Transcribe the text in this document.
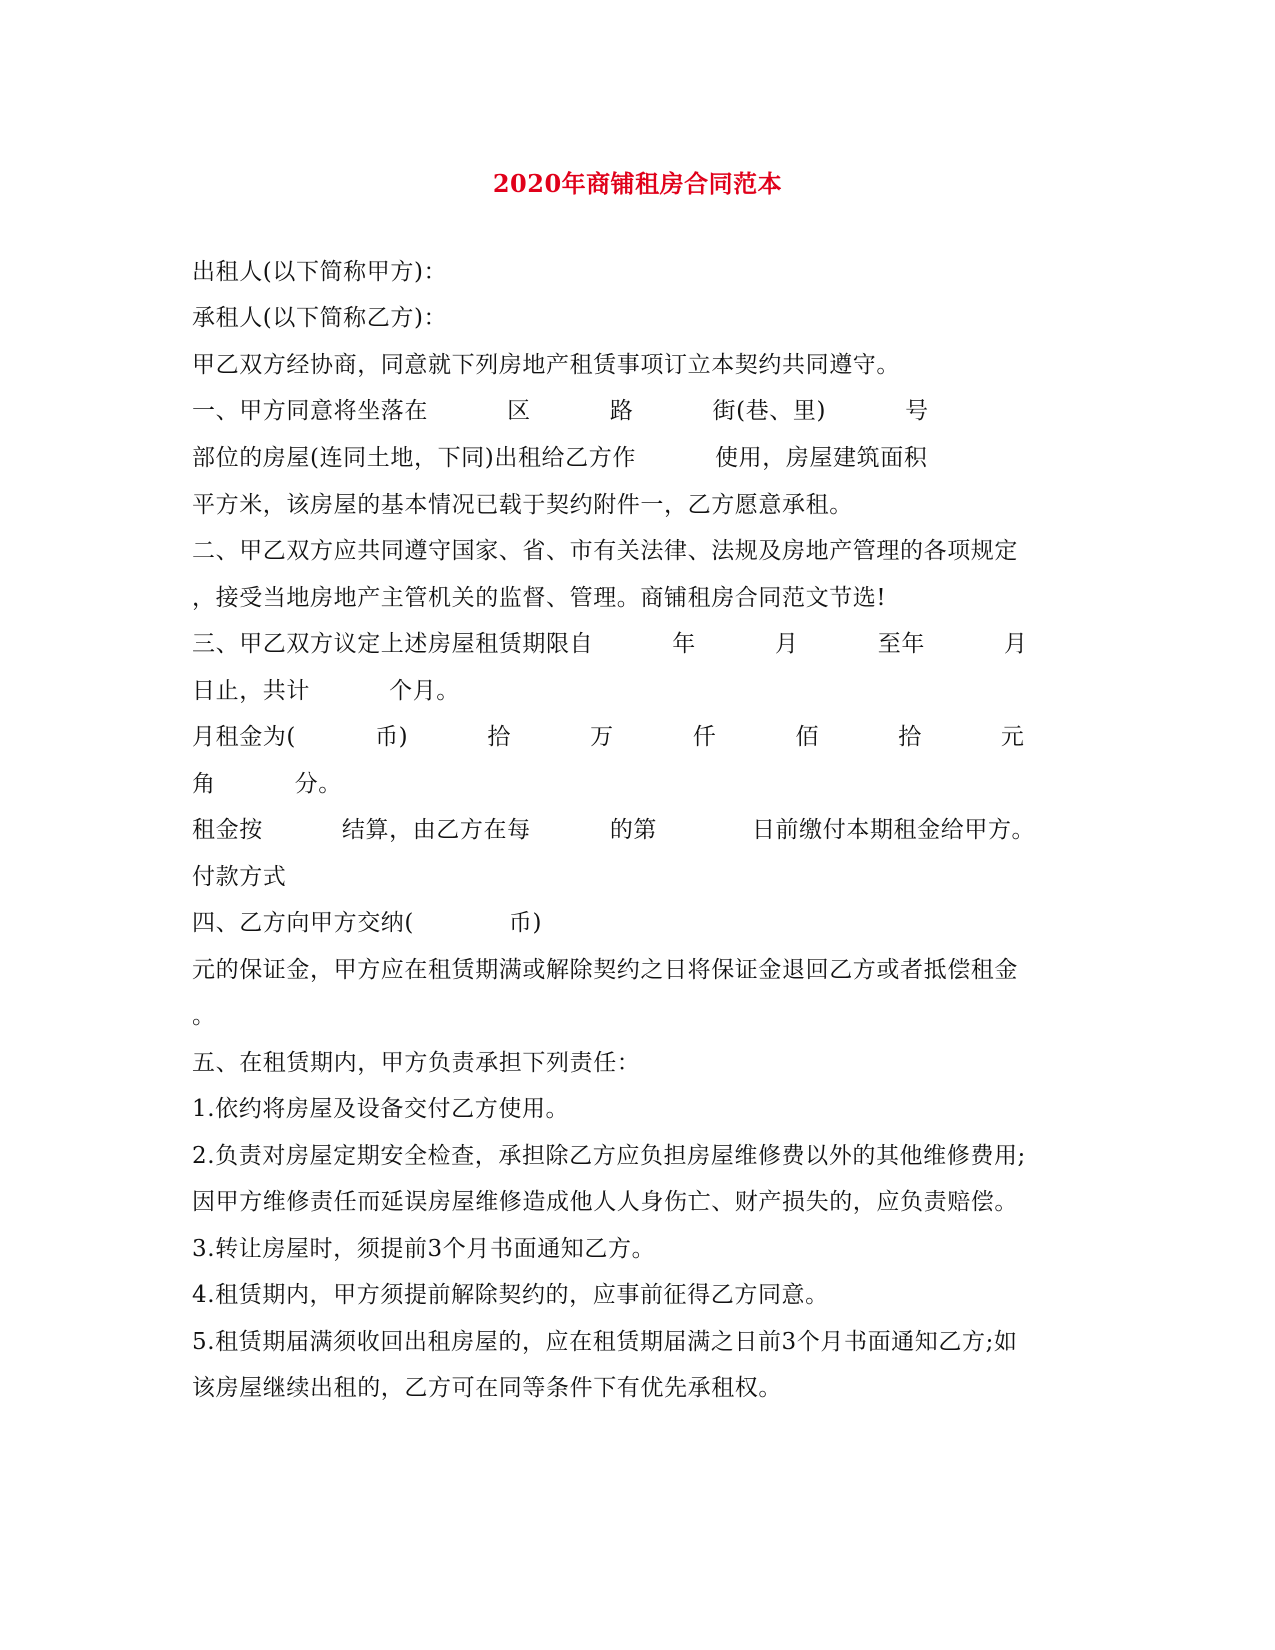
2020年商铺租房合同范本
出租人(以下简称甲方)：
承租人(以下简称乙方)：
甲乙双方经协商，同意就下列房地产租赁事项订立本契约共同遵守。
一、甲方同意将坐落在          区          路          街(巷、里)          号
部位的房屋(连同土地，下同)出租给乙方作          使用，房屋建筑面积
平方米，该房屋的基本情况已载于契约附件一，乙方愿意承租。
二、甲乙双方应共同遵守国家、省、市有关法律、法规及房地产管理的各项规定
，接受当地房地产主管机关的监督、管理。商铺租房合同范文节选!
三、甲乙双方议定上述房屋租赁期限自          年          月          至年          月
日止，共计          个月。
月租金为(          币)          拾          万          仟          佰          拾          元
角          分。
租金按          结算，由乙方在每          的第            日前缴付本期租金给甲方。
付款方式
四、乙方向甲方交纳(            币)
元的保证金，甲方应在租赁期满或解除契约之日将保证金退回乙方或者抵偿租金
。
五、在租赁期内，甲方负责承担下列责任：
1.依约将房屋及设备交付乙方使用。
2.负责对房屋定期安全检查，承担除乙方应负担房屋维修费以外的其他维修费用;
因甲方维修责任而延误房屋维修造成他人人身伤亡、财产损失的，应负责赔偿。
3.转让房屋时，须提前3个月书面通知乙方。
4.租赁期内，甲方须提前解除契约的，应事前征得乙方同意。
5.租赁期届满须收回出租房屋的，应在租赁期届满之日前3个月书面通知乙方;如
该房屋继续出租的，乙方可在同等条件下有优先承租权。
